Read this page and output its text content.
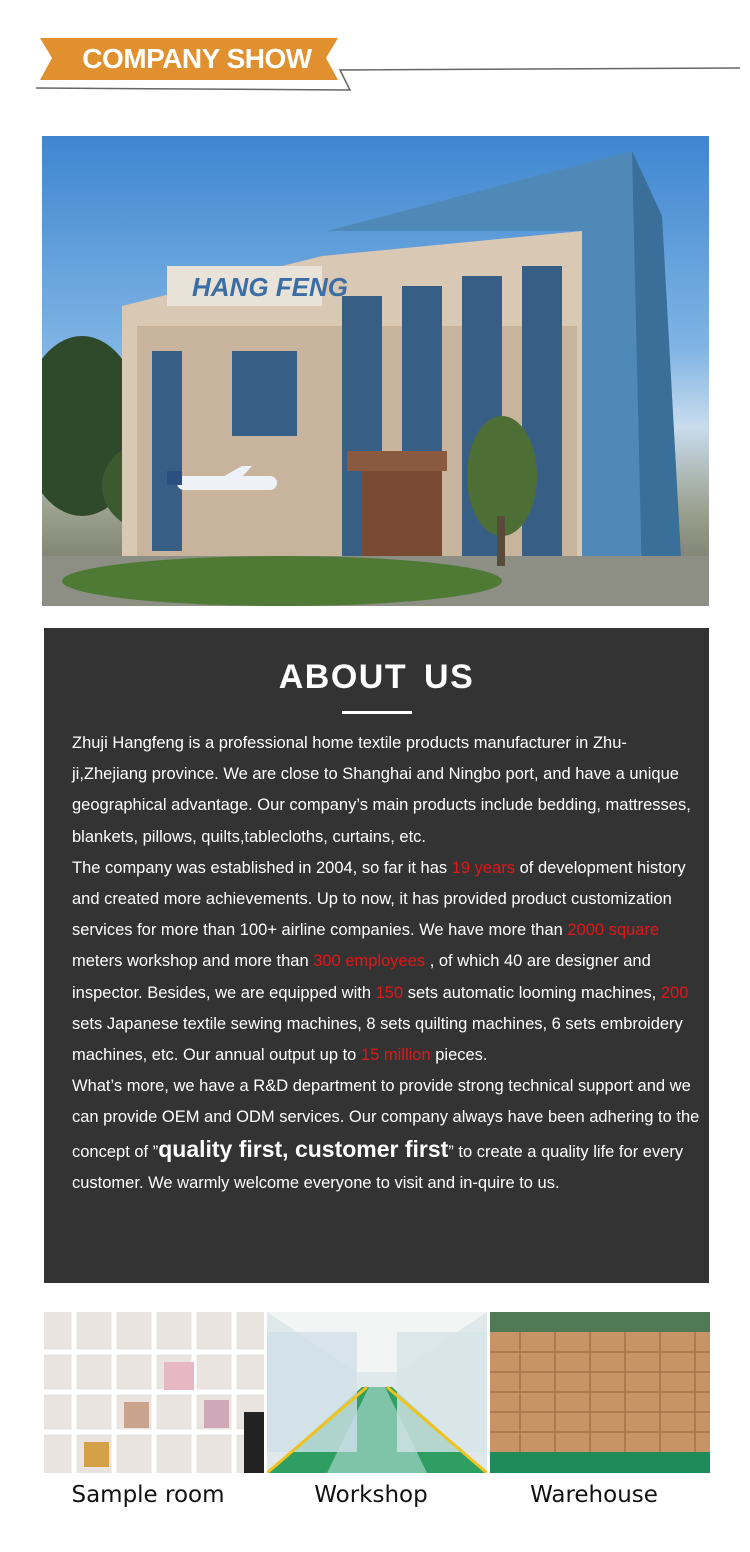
COMPANY SHOW
HANG FENG
ABOUT US

Zhuji Hangfeng is a professional home textile products manufacturer in Zhu-ji,Zhejiang province. We are close to Shanghai and Ningbo port, and have a unique geographical advantage. Our company’s main products include bedding, mattresses, blankets, pillows, quilts,tablecloths, curtains, etc.

The company was established in 2004, so far it has 19 years of development history and created more achievements. Up to now, it has provided product customization services for more than 100+ airline companies. We have more than 2000 square meters workshop and more than 300 employees , of which 40 are designer and inspector. Besides, we are equipped with 150 sets automatic looming machines, 200 sets Japanese textile sewing machines, 8 sets quilting machines, 6 sets embroidery machines, etc. Our annual output up to 15 million pieces.

What’s more, we have a R&D department to provide strong technical support and we can provide OEM and ODM services. Our company always have been adhering to the concept of ”quality first, customer first” to create a quality life for every customer. We warmly welcome everyone to visit and in-quire to us.

Sample room	Workshop	Warehouse
